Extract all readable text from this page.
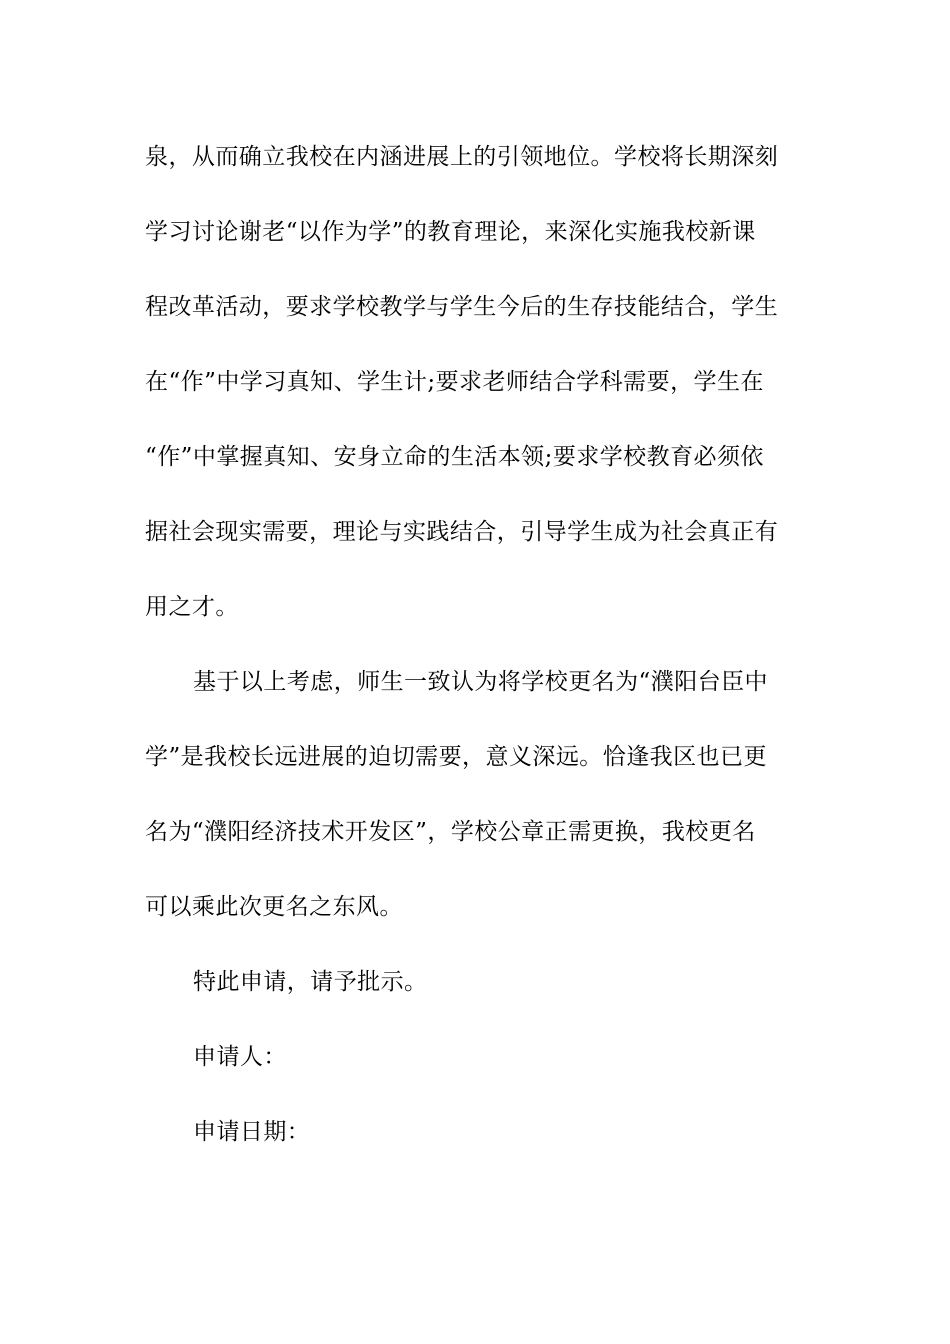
泉，从而确立我校在内涵进展上的引领地位。学校将长期深刻
学习讨论谢老“以作为学”的教育理论，来深化实施我校新课
程改革活动，要求学校教学与学生今后的生存技能结合，学生
在“作”中学习真知、学生计;要求老师结合学科需要，学生在
“作”中掌握真知、安身立命的生活本领;要求学校教育必须依
据社会现实需要，理论与实践结合，引导学生成为社会真正有
用之才。
基于以上考虑，师生一致认为将学校更名为“濮阳台臣中
学”是我校长远进展的迫切需要，意义深远。恰逢我区也已更
名为“濮阳经济技术开发区”，学校公章正需更换，我校更名
可以乘此次更名之东风。
特此申请，请予批示。
申请人：
申请日期：
